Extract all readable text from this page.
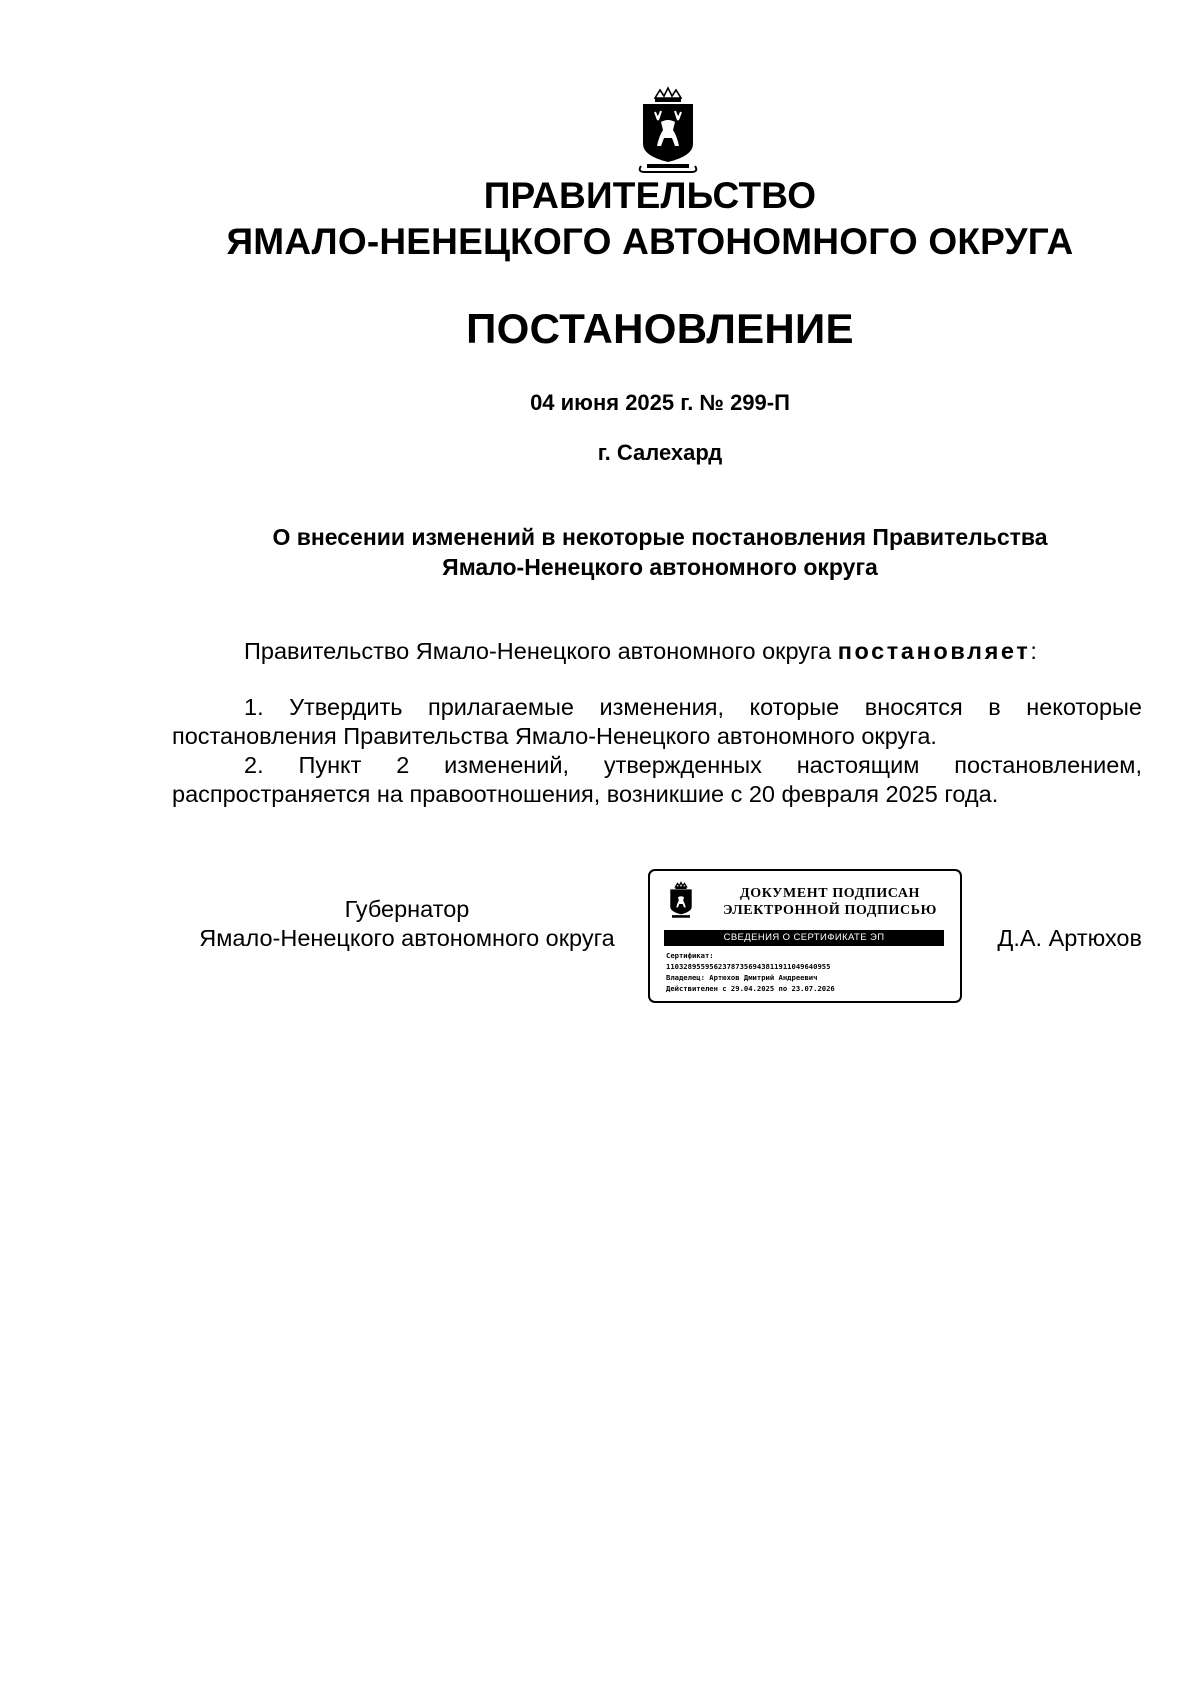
ПРАВИТЕЛЬСТВО
ЯМАЛО-НЕНЕЦКОГО АВТОНОМНОГО ОКРУГА
ПОСТАНОВЛЕНИЕ
04 июня 2025 г. № 299-П
г. Салехард
О внесении изменений в некоторые постановления Правительства
Ямало-Ненецкого автономного округа
Правительство Ямало-Ненецкого автономного округа постановляет:
1. Утвердить прилагаемые изменения, которые вносятся в некоторые постановления Правительства Ямало-Ненецкого автономного округа.
2. Пункт 2 изменений, утвержденных настоящим постановлением, распространяется на правоотношения, возникшие с 20 февраля 2025 года.
Губернатор
Ямало-Ненецкого автономного округа
ДОКУМЕНТ ПОДПИСАН
ЭЛЕКТРОННОЙ ПОДПИСЬЮ
СВЕДЕНИЯ О СЕРТИФИКАТЕ ЭП
Сертификат:
11032895595623787356943811911049640955
Владелец: Артюхов Дмитрий Андреевич
Действителен с 29.04.2025 по 23.07.2026
Д.А. Артюхов
